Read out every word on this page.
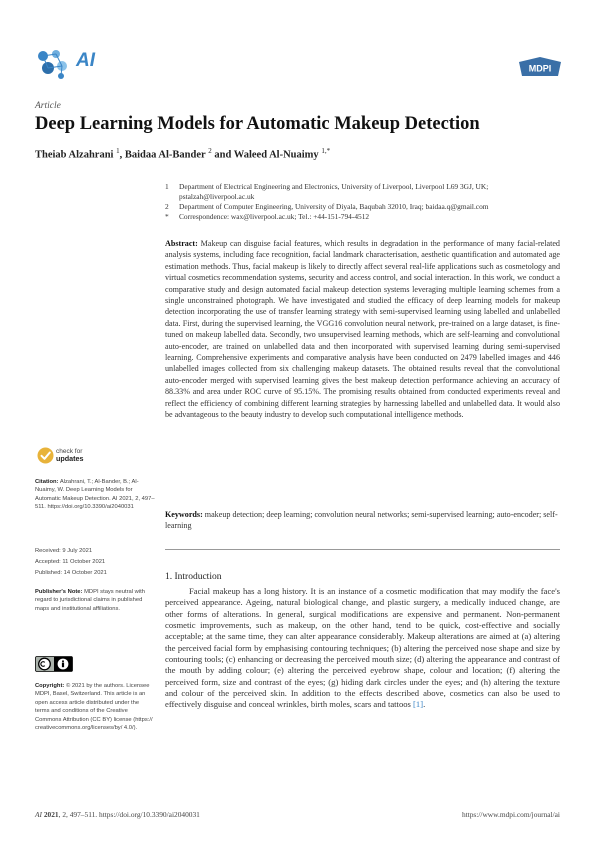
AI	MDPI
Article
Deep Learning Models for Automatic Makeup Detection
Theiab Alzahrani $^1$, Baidaa Al-Bander $^2$ and Waleed Al-Nuaimy $^{1,*}$
1 Department of Electrical Engineering and Electronics, University of Liverpool, Liverpool L69 3GJ, UK;
pstalzah@liverpool.ac.uk
2 Department of Computer Engineering, University of Diyala, Baqubah 32010, Iraq; baidaa.q@gmail.com
* Correspondence: wax@liverpool.ac.uk; Tel.: +44-151-794-4512
Abstract: Makeup can disguise facial features, which results in degradation in the performance of many facial-related analysis systems, including face recognition, facial landmark characterisation, aesthetic quantification and automated age estimation methods. Thus, facial makeup is likely to directly affect several real-life applications such as cosmetology and virtual cosmetics recommendation systems, security and access control, and social interaction. In this work, we conduct a comparative study and design automated facial makeup detection systems leveraging multiple learning schemes from a single unconstrained photograph. We have investigated and studied the efficacy of deep learning models for makeup detection incorporating the use of transfer learning strategy with semi-supervised learning using labelled and unlabelled data. First, during the supervised learning, the VGG16 convolution neural network, pre-trained on a large dataset, is fine-tuned on makeup labelled data. Secondly, two unsupervised learning methods, which are self-learning and convolutional auto-encoder, are trained on unlabelled data and then incorporated with supervised learning during semi-supervised learning. Comprehensive experiments and comparative analysis have been conducted on 2479 labelled images and 446 unlabelled images collected from six challenging makeup datasets. The obtained results reveal that the convolutional auto-encoder merged with supervised learning gives the best makeup detection performance achieving an accuracy of 88.33% and area under ROC curve of 95.15%. The promising results obtained from conducted experiments reveal and reflect the efficiency of combining different learning strategies by harnessing labelled and unlabelled data. It would also be advantageous to the beauty industry to develop such computational intelligence methods.
Keywords: makeup detection; deep learning; convolution neural networks; semi-supervised learning; auto-encoder; self-learning
check for
updates
Citation: Alzahrani, T.; Al-Bander, B.; Al-Nuaimy, W. Deep Learning Models for Automatic Makeup Detection. AI 2021, 2, 497–511. https://doi.org/10.3390/ai2040031
Received: 9 July 2021
Accepted: 11 October 2021
Published: 14 October 2021
Publisher's Note: MDPI stays neutral with regard to jurisdictional claims in published maps and institutional affiliations.
Copyright: © 2021 by the authors. Licensee MDPI, Basel, Switzerland. This article is an open access article distributed under the terms and conditions of the Creative Commons Attribution (CC BY) license (https:// creativecommons.org/licenses/by/ 4.0/).
1. Introduction
Facial makeup has a long history. It is an instance of a cosmetic modification that may modify the face's perceived appearance. Ageing, natural biological change, and plastic surgery, a medically induced change, are other forms of alterations. In general, surgical modifications are expensive and permanent. Non-permanent cosmetic improvements, such as makeup, on the other hand, tend to be quick, cost-effective and socially acceptable; at the same time, they can alter appearance considerably. Makeup alterations are aimed at (a) altering the perceived facial form by emphasising contouring techniques; (b) altering the perceived nose shape and size by contouring tools; (c) enhancing or decreasing the perceived mouth size; (d) altering the appearance and contrast of the mouth by adding colour; (e) altering the perceived eyebrow shape, colour and location; (f) altering the perceived form, size and contrast of the eyes; (g) hiding dark circles under the eyes; and (h) altering the texture and colour of the perceived skin. In addition to the effects described above, cosmetics can also be used to effectively disguise and conceal wrinkles, birth moles, scars and tattoos [1].
AI 2021, 2, 497–511. https://doi.org/10.3390/ai2040031	https://www.mdpi.com/journal/ai
